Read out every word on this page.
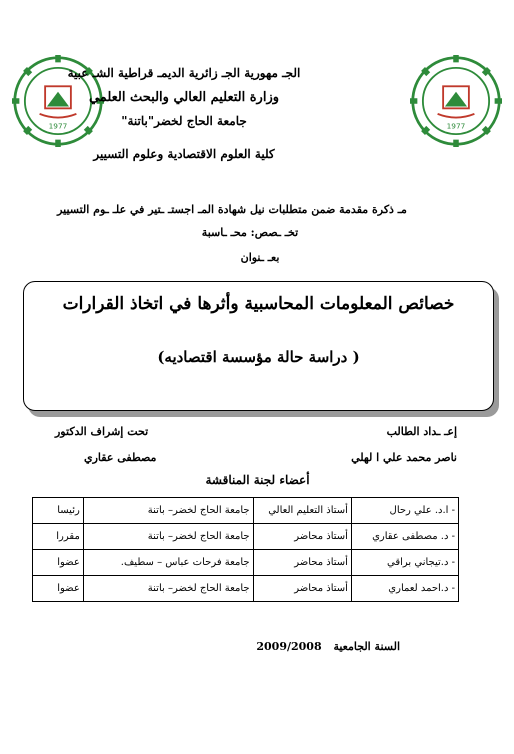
1977	1977
الجـ مهورية الجـ زائرية الديمـ قراطية الشـ عبية
وزارة التعليم العالي والبحث العلمي
جامعة الحاج لخضر"باتنة"
كلية العلوم الاقتصادية وعلوم التسيير
مـ ذكرة مقدمة ضمن متطلبات نيل شهادة المـ اجستـ ـتير في علـ ـوم التسيير
تخـ ـصص: محـ ـاسبة
بعـ ـنوان
خصائص المعلومات المحاسبية وأثرها في اتخاذ القرارات
( دراسة حالة مؤسسة اقتصاديه)
إعـ ـداد الطالب
ناصر محمد علي ا لهلي
تحت إشراف الدكتور
مصطفى عقاري
أعضاء لجنة المناقشة
- ا.د. علي رحال	أستاذ التعليم العالي	جامعة الحاج لخضر– باتنة	رئيسا
- د. مصطفى عقاري	أستاذ محاضر	جامعة الحاج لخضر– باتنة	مقررا
- د.تيجاني براقي	أستاذ محاضر	جامعة فرحات عباس – سطيف.	عضوا
- د.احمد لعماري	أستاذ محاضر	جامعة الحاج لخضر– باتنة	عضوا
السنة الجامعية 2009/2008
